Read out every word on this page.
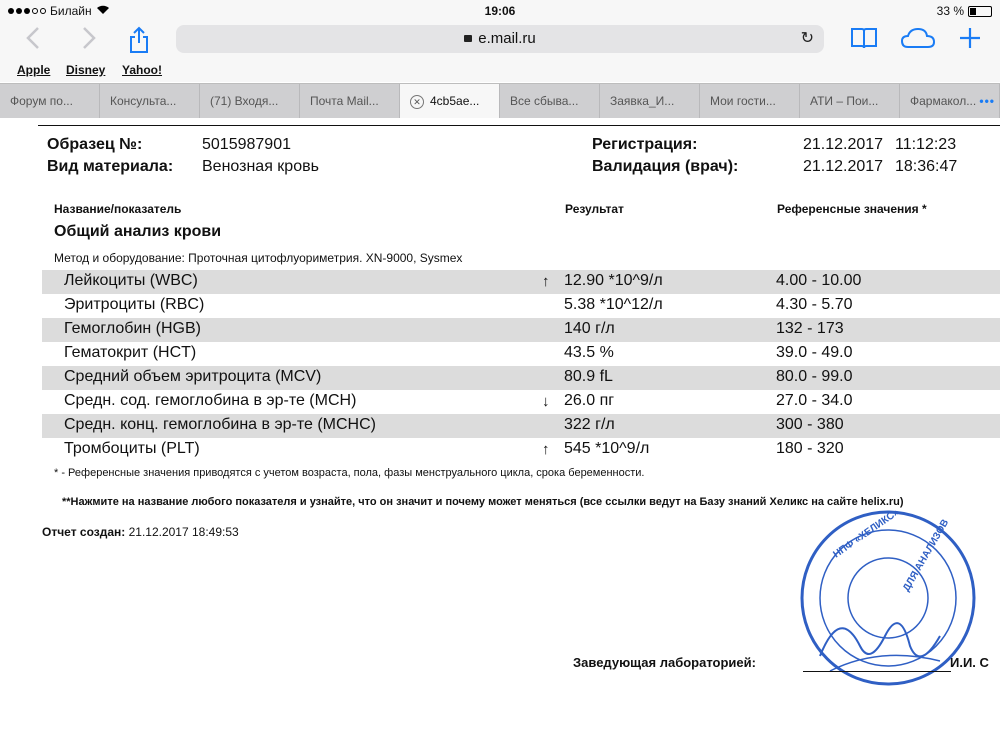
Билайн	19:06	33 %
e.mail.ru	↻
Apple Disney Yahoo!
Форум по...	Консульта...	(71) Входя...	Почта Mail...	✕ 4cb5ae...	Все сбыва...	Заявка_И...	Мои гости...	АТИ – Пои...	Фармакол... •••
Образец №:	5015987901
Вид материала: Венозная кровь
Регистрация:	21.12.2017 11:12:23
Валидация (врач):	21.12.2017 18:36:47
Название/показатель	Результат	Референсные значения *
Общий анализ крови
Метод и оборудование: Проточная цитофлуориметрия. XN-9000, Sysmex
Лейкоциты (WBC)	↑ 12.90 *10^9/л	4.00 - 10.00
Эритроциты (RBC)	5.38 *10^12/л	4.30 - 5.70
Гемоглобин (HGB)	140 г/л	132 - 173
Гематокрит (HCT)	43.5 %	39.0 - 49.0
Средний объем эритроцита (MCV)	80.9 fL	80.0 - 99.0
Средн. сод. гемоглобина в эр-те (MCH)	↓ 26.0 пг	27.0 - 34.0
Средн. конц. гемоглобина в эр-те (MCHC)	322 г/л	300 - 380
Тромбоциты (PLT)	↑ 545 *10^9/л	180 - 320
* - Референсные значения приводятся с учетом возраста, пола, фазы менструального цикла, срока беременности.
**Нажмите на название любого показателя и узнайте, что он значит и почему может меняться (все ссылки ведут на Базу знаний Хеликс на сайте helix.ru)
Отчет создан: 21.12.2017 18:49:53	НПФ «ХЕЛИКС» ДЛЯ АНАЛИЗОВ
Заведующая лабораторией:	И.И. С
